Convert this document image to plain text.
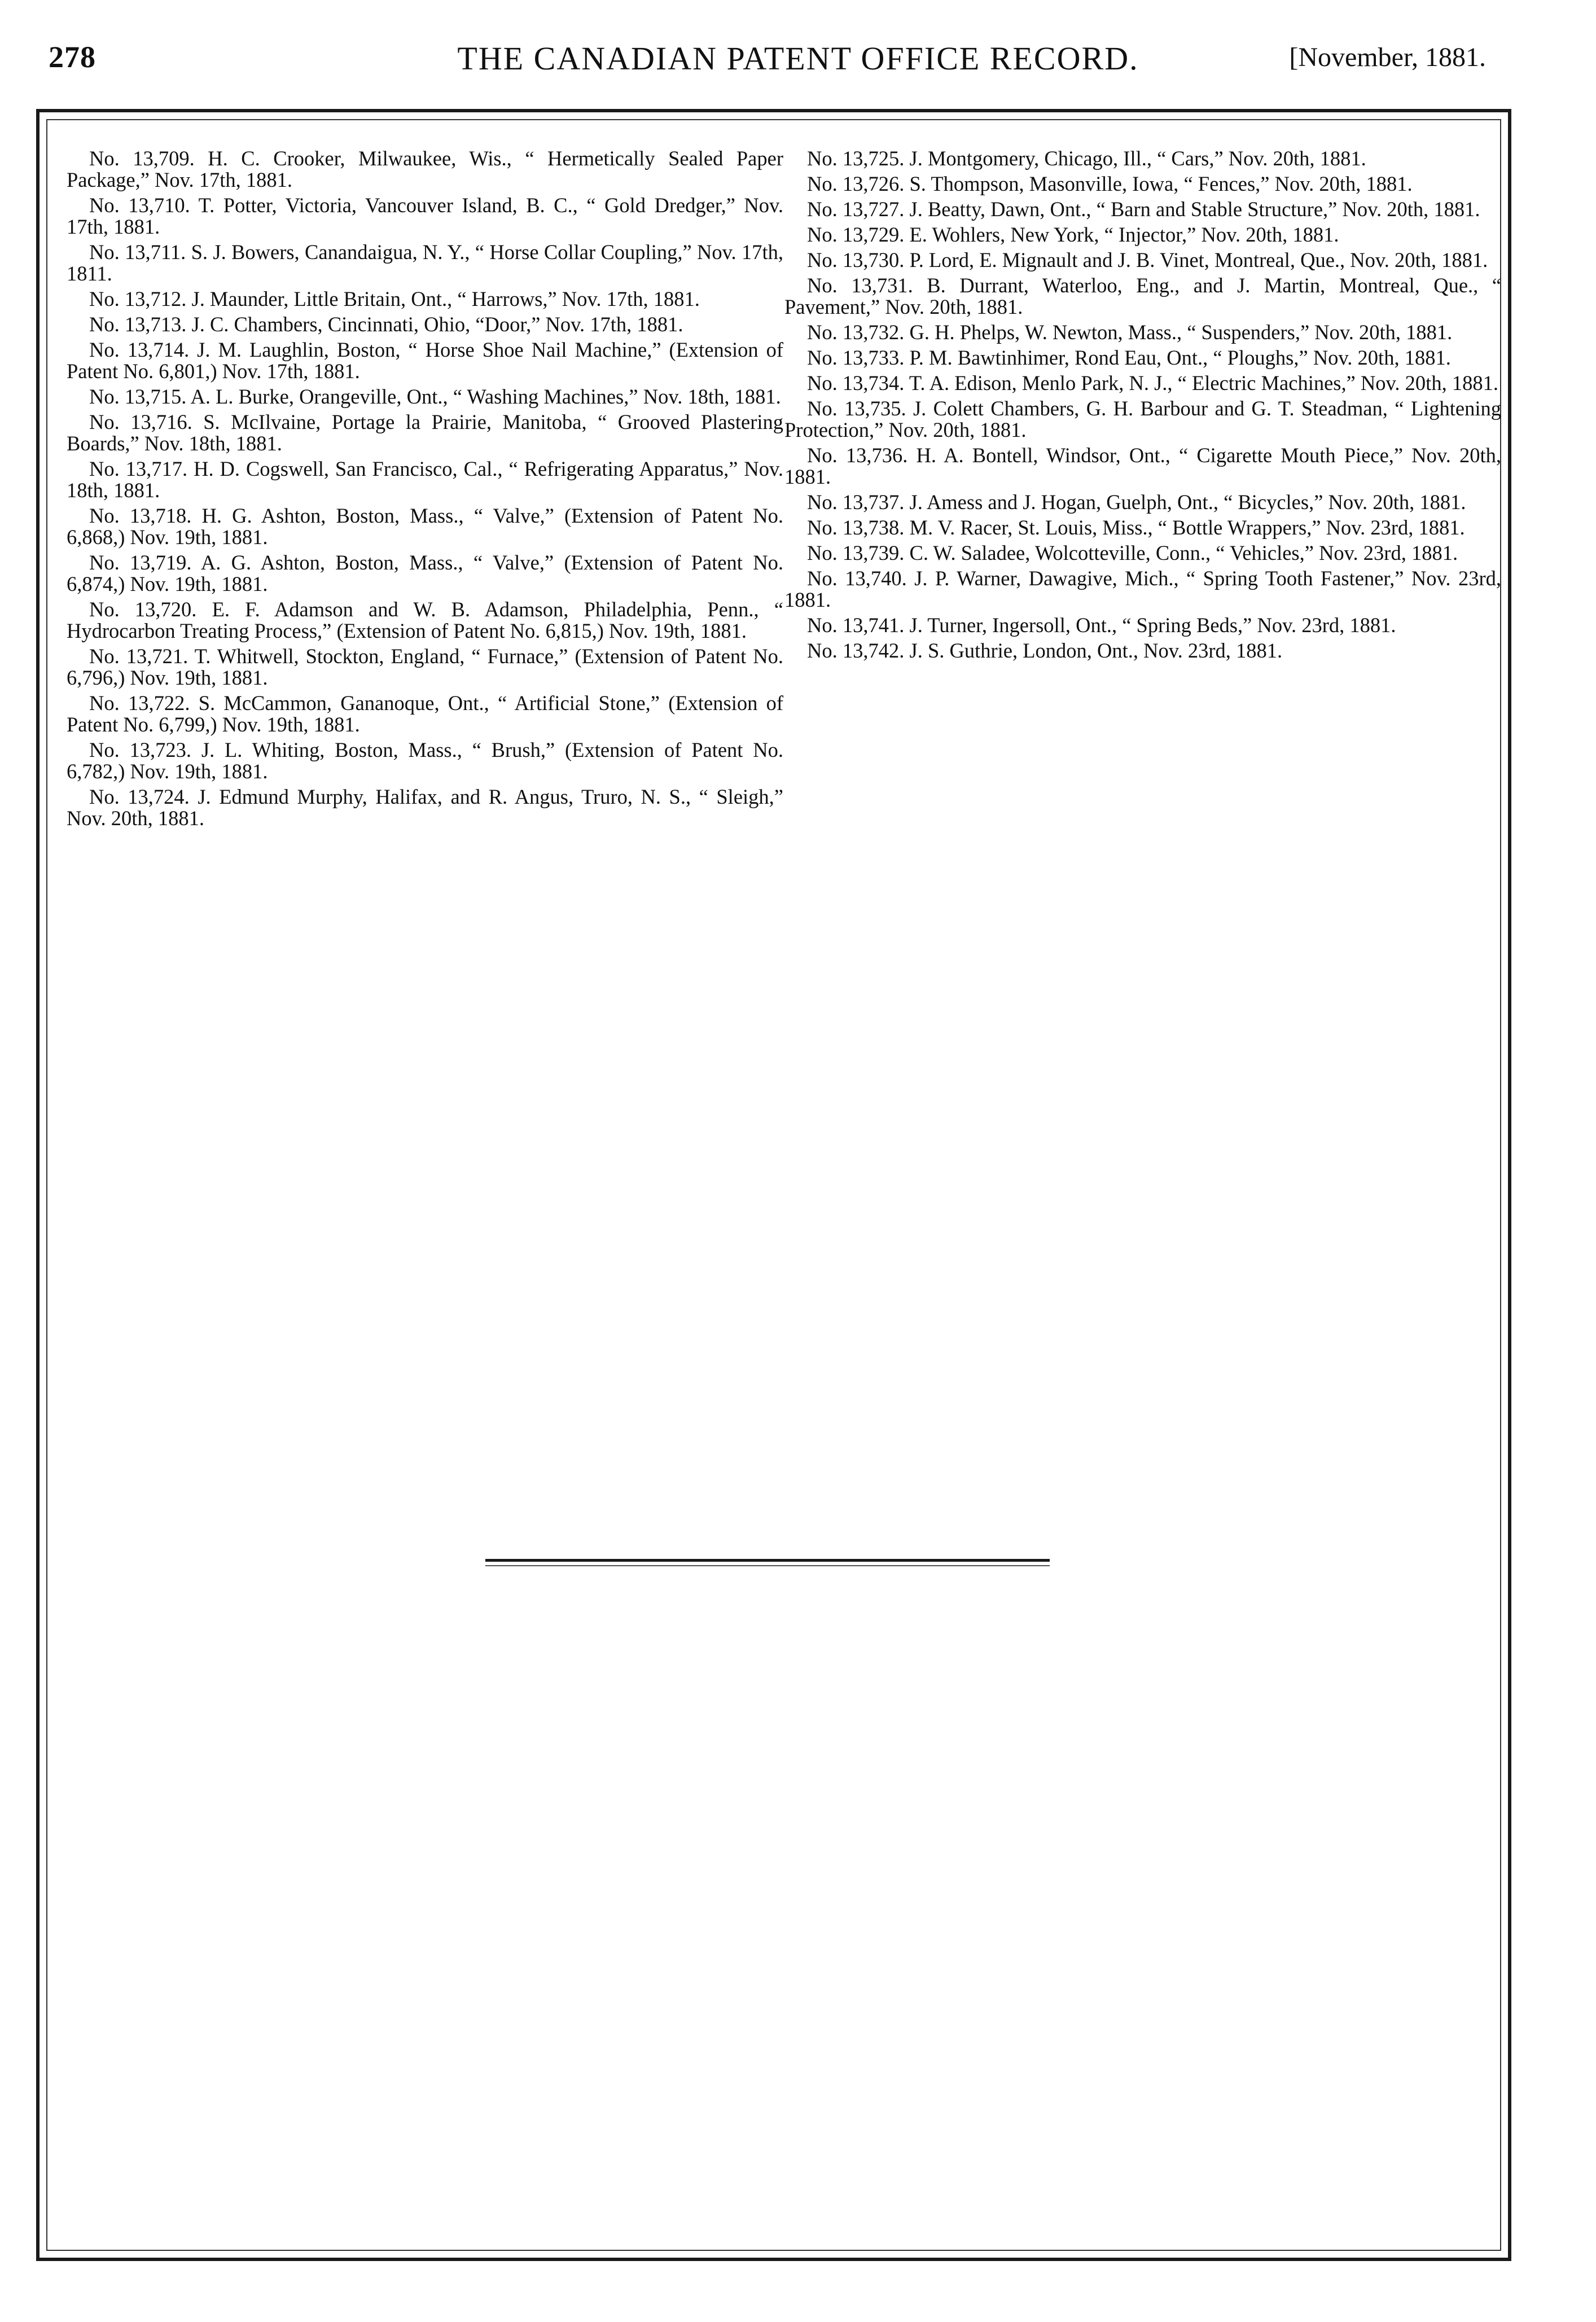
278	THE CANADIAN PATENT OFFICE RECORD.	[November, 1881.

No. 13,709. H. C. Crooker, Milwaukee, Wis., “ Hermetically Sealed Paper Package,” Nov. 17th, 1881.

No. 13,710. T. Potter, Victoria, Vancouver Island, B. C., “ Gold Dredger,” Nov. 17th, 1881.

No. 13,711. S. J. Bowers, Canandaigua, N. Y., “ Horse Collar Coupling,” Nov. 17th, 1811.

No. 13,712. J. Maunder, Little Britain, Ont., “ Harrows,” Nov. 17th, 1881.

No. 13,713. J. C. Chambers, Cincinnati, Ohio, “Door,” Nov. 17th, 1881.

No. 13,714. J. M. Laughlin, Boston, “ Horse Shoe Nail Machine,” (Extension of Patent No. 6,801,) Nov. 17th, 1881.

No. 13,715. A. L. Burke, Orangeville, Ont., “ Washing Machines,” Nov. 18th, 1881.

No. 13,716. S. McIlvaine, Portage la Prairie, Manitoba, “ Grooved Plastering Boards,” Nov. 18th, 1881.

No. 13,717. H. D. Cogswell, San Francisco, Cal., “ Refrigerating Apparatus,” Nov. 18th, 1881.

No. 13,718. H. G. Ashton, Boston, Mass., “ Valve,” (Extension of Patent No. 6,868,) Nov. 19th, 1881.

No. 13,719. A. G. Ashton, Boston, Mass., “ Valve,” (Extension of Patent No. 6,874,) Nov. 19th, 1881.

No. 13,720. E. F. Adamson and W. B. Adamson, Philadelphia, Penn., “ Hydrocarbon Treating Process,” (Extension of Patent No. 6,815,) Nov. 19th, 1881.

No. 13,721. T. Whitwell, Stockton, England, “ Furnace,” (Extension of Patent No. 6,796,) Nov. 19th, 1881.

No. 13,722. S. McCammon, Gananoque, Ont., “ Artificial Stone,” (Extension of Patent No. 6,799,) Nov. 19th, 1881.

No. 13,723. J. L. Whiting, Boston, Mass., “ Brush,” (Extension of Patent No. 6,782,) Nov. 19th, 1881.

No. 13,724. J. Edmund Murphy, Halifax, and R. Angus, Truro, N. S., “ Sleigh,” Nov. 20th, 1881.

No. 13,725. J. Montgomery, Chicago, Ill., “ Cars,” Nov. 20th, 1881.

No. 13,726. S. Thompson, Masonville, Iowa, “ Fences,” Nov. 20th, 1881.

No. 13,727. J. Beatty, Dawn, Ont., “ Barn and Stable Structure,” Nov. 20th, 1881.

No. 13,729. E. Wohlers, New York, “ Injector,” Nov. 20th, 1881.

No. 13,730. P. Lord, E. Mignault and J. B. Vinet, Montreal, Que., Nov. 20th, 1881.

No. 13,731. B. Durrant, Waterloo, Eng., and J. Martin, Montreal, Que., “ Pavement,” Nov. 20th, 1881.

No. 13,732. G. H. Phelps, W. Newton, Mass., “ Suspenders,” Nov. 20th, 1881.

No. 13,733. P. M. Bawtinhimer, Rond Eau, Ont., “ Ploughs,” Nov. 20th, 1881.

No. 13,734. T. A. Edison, Menlo Park, N. J., “ Electric Machines,” Nov. 20th, 1881.

No. 13,735. J. Colett Chambers, G. H. Barbour and G. T. Steadman, “ Lightening Protection,” Nov. 20th, 1881.

No. 13,736. H. A. Bontell, Windsor, Ont., “ Cigarette Mouth Piece,” Nov. 20th, 1881.

No. 13,737. J. Amess and J. Hogan, Guelph, Ont., “ Bicycles,” Nov. 20th, 1881.

No. 13,738. M. V. Racer, St. Louis, Miss., “ Bottle Wrappers,” Nov. 23rd, 1881.

No. 13,739. C. W. Saladee, Wolcotteville, Conn., “ Vehicles,” Nov. 23rd, 1881.

No. 13,740. J. P. Warner, Dawagive, Mich., “ Spring Tooth Fastener,” Nov. 23rd, 1881.

No. 13,741. J. Turner, Ingersoll, Ont., “ Spring Beds,” Nov. 23rd, 1881.

No. 13,742. J. S. Guthrie, London, Ont., Nov. 23rd, 1881.
